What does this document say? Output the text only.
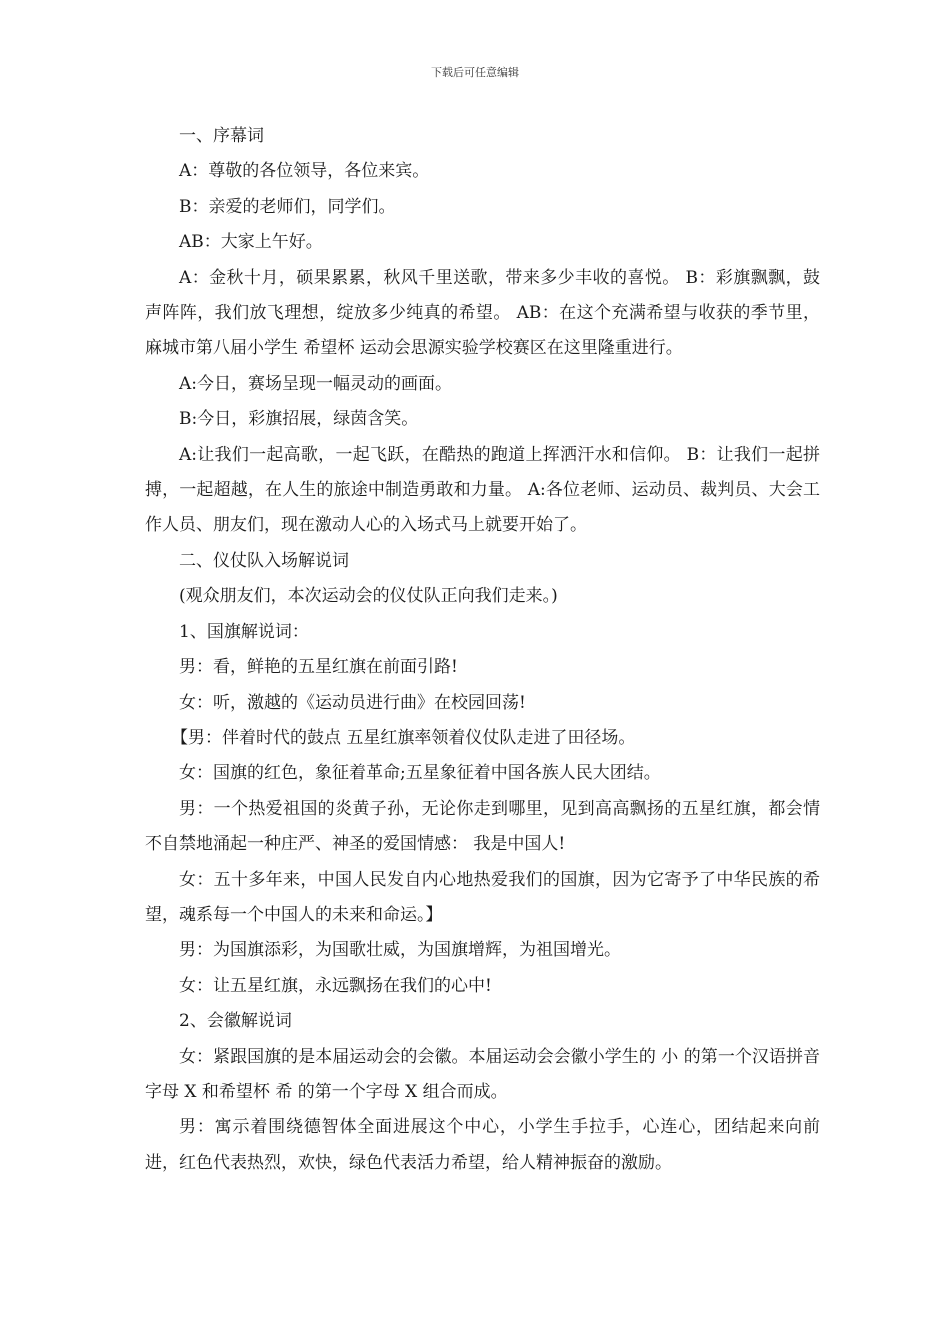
下载后可任意编辑

一、序幕词

A：尊敬的各位领导，各位来宾。

B：亲爱的老师们，同学们。

AB：大家上午好。

A：金秋十月，硕果累累，秋风千里送歌，带来多少丰收的喜悦。 B：彩旗飘飘，鼓声阵阵，我们放飞理想，绽放多少纯真的希望。 AB：在这个充满希望与收获的季节里，麻城市第八届小学生 希望杯 运动会思源实验学校赛区在这里隆重进行。

A:今日，赛场呈现一幅灵动的画面。

B:今日，彩旗招展，绿茵含笑。

A:让我们一起高歌，一起飞跃，在酷热的跑道上挥洒汗水和信仰。 B：让我们一起拼搏，一起超越，在人生的旅途中制造勇敢和力量。 A:各位老师、运动员、裁判员、大会工作人员、朋友们，现在激动人心的入场式马上就要开始了。

二、仪仗队入场解说词

(观众朋友们，本次运动会的仪仗队正向我们走来。)

1、国旗解说词：

男：看，鲜艳的五星红旗在前面引路!

女：听，激越的《运动员进行曲》在校园回荡!

【男：伴着时代的鼓点 五星红旗率领着仪仗队走进了田径场。

女：国旗的红色，象征着革命;五星象征着中国各族人民大团结。

男：一个热爱祖国的炎黄子孙，无论你走到哪里，见到高高飘扬的五星红旗，都会情不自禁地涌起一种庄严、神圣的爱国情感： 我是中国人!

女：五十多年来，中国人民发自内心地热爱我们的国旗，因为它寄予了中华民族的希望，魂系每一个中国人的未来和命运。】

男：为国旗添彩，为国歌壮威，为国旗增辉，为祖国增光。

女：让五星红旗，永远飘扬在我们的心中!

2、会徽解说词

女：紧跟国旗的是本届运动会的会徽。本届运动会会徽小学生的 小 的第一个汉语拼音字母 X 和希望杯 希 的第一个字母 X 组合而成。

男：寓示着围绕德智体全面进展这个中心，小学生手拉手，心连心，团结起来向前进，红色代表热烈，欢快，绿色代表活力希望，给人精神振奋的激励。
